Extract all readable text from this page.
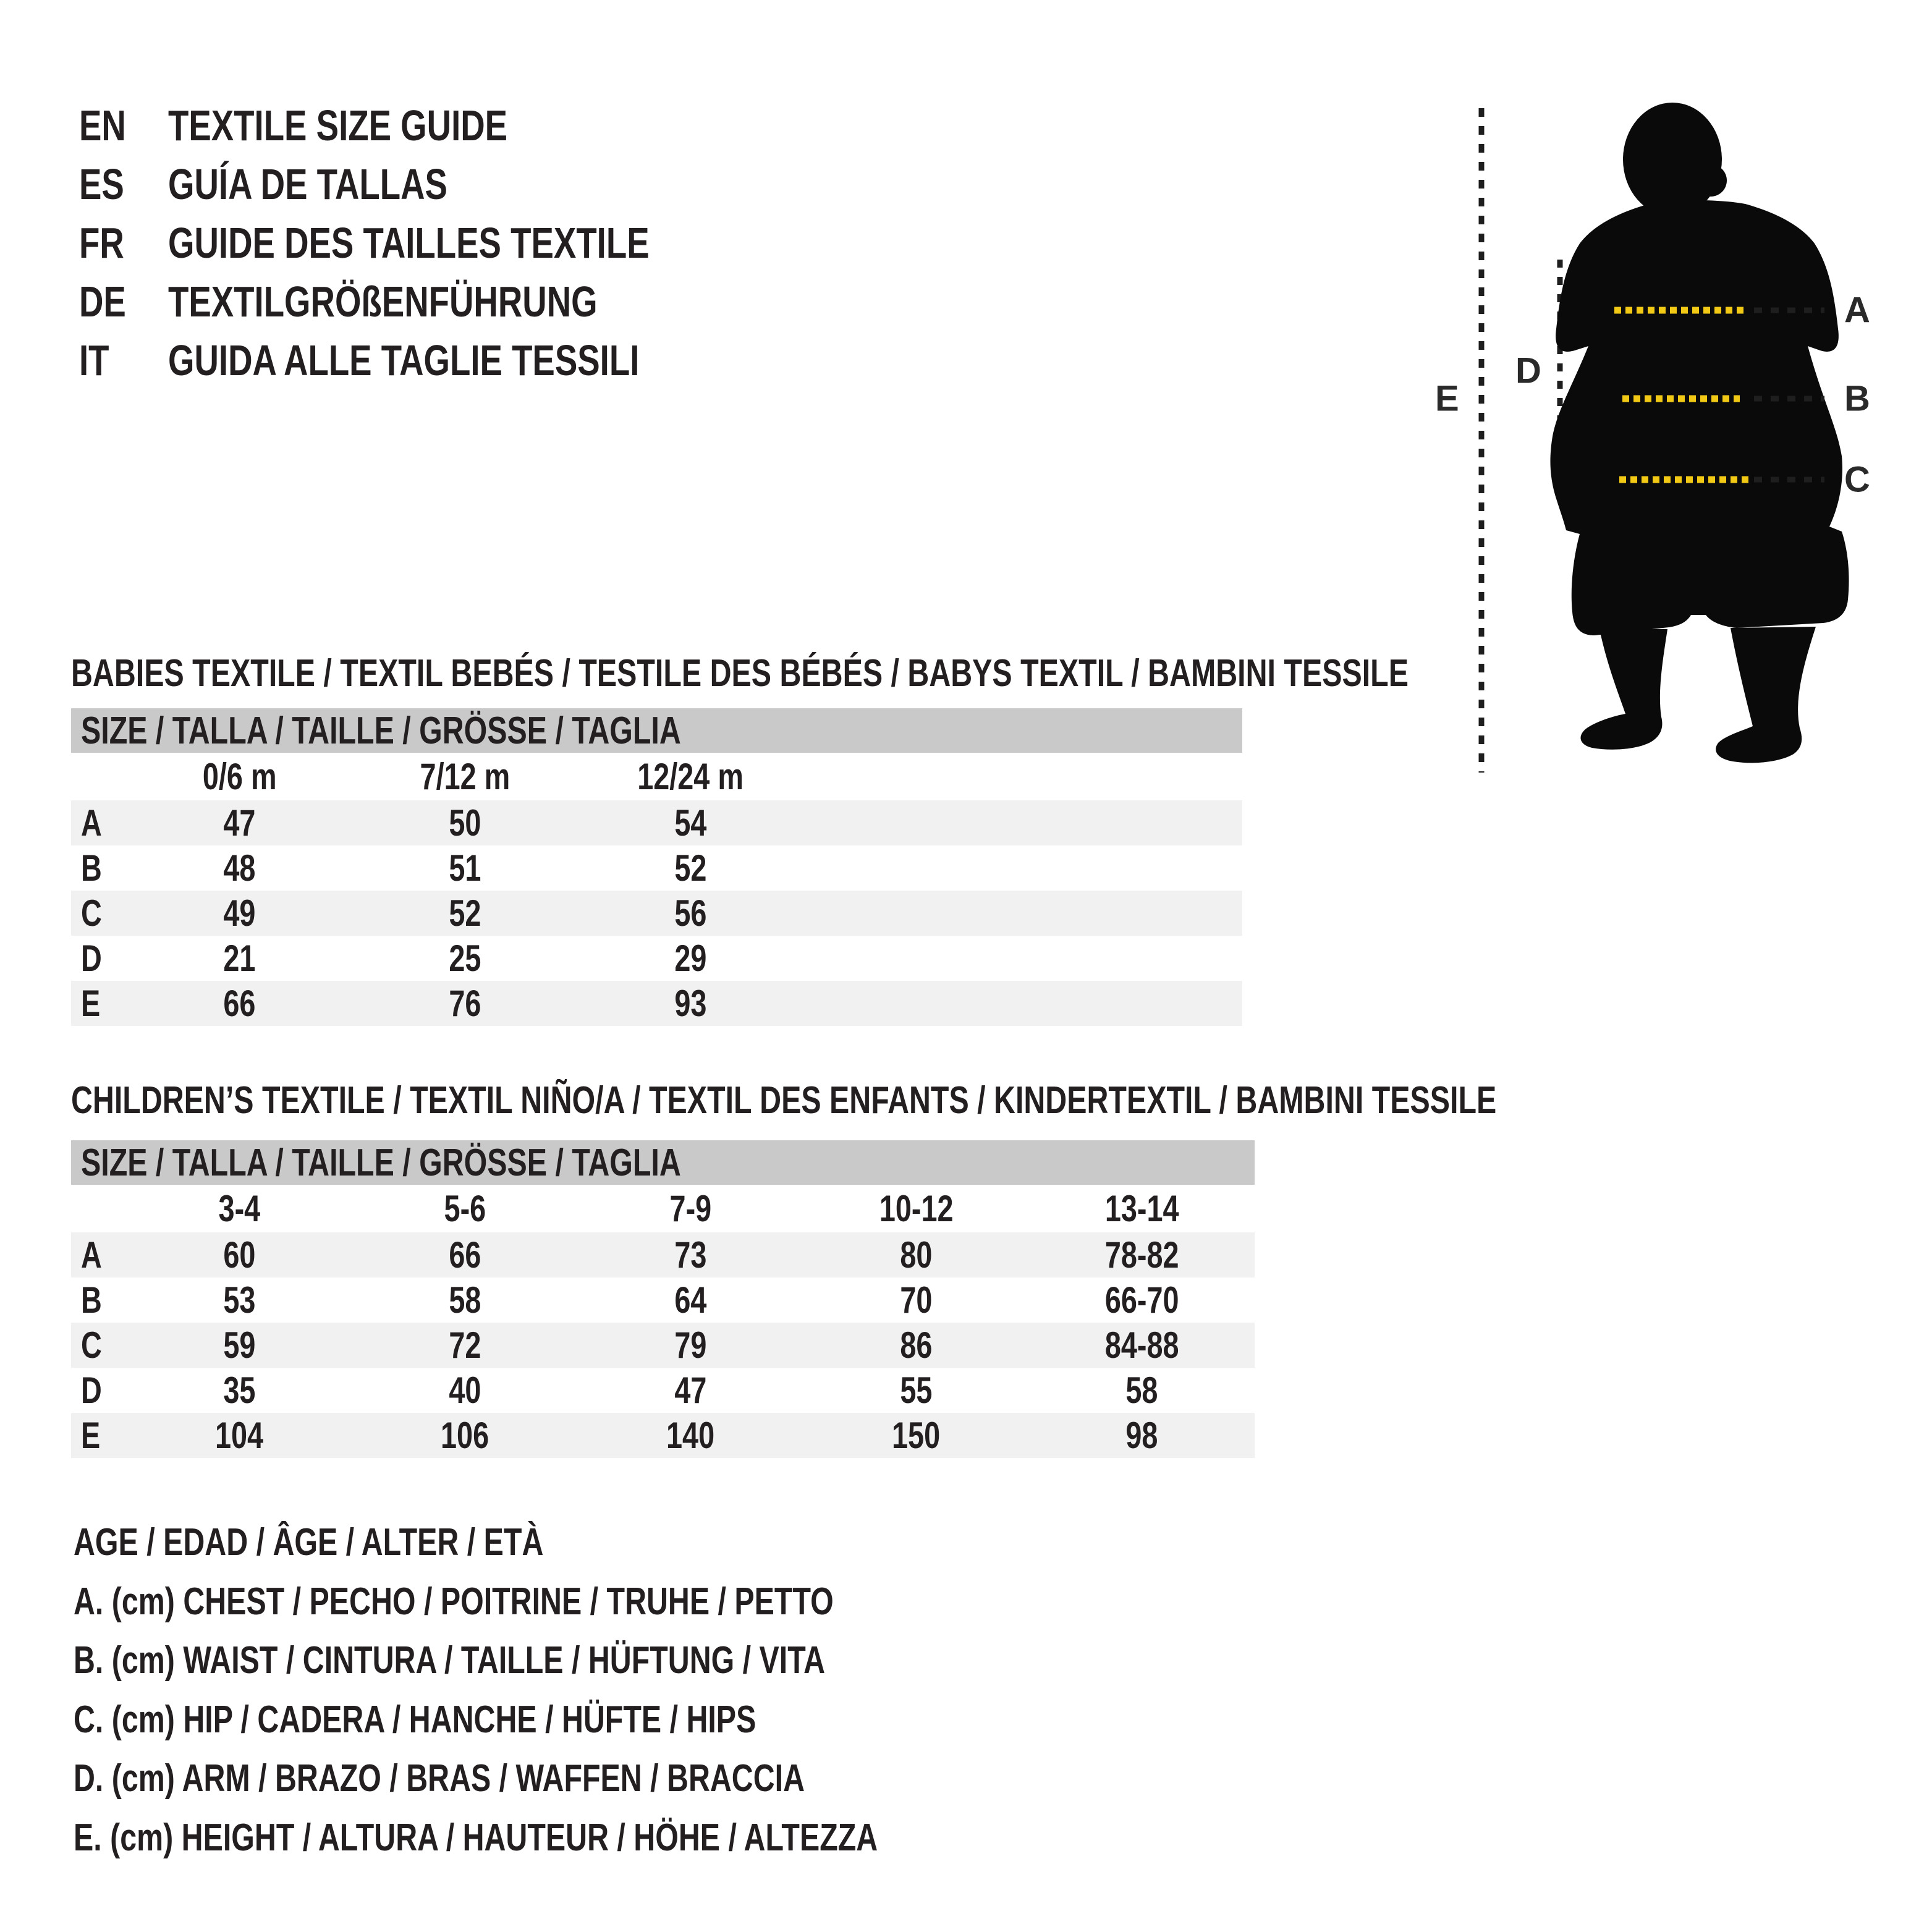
EN TEXTILE SIZE GUIDE
ES	GUÍA DE TALLAS
FR	GUIDE DES TAILLES TEXTILE
DE TEXTILGRÖßENFÜHRUNG
IT	GUIDA ALLE TAGLIE TESSILI
A
B
C
D
E
BABIES TEXTILE / TEXTIL BEBÉS / TESTILE DES BÉBÉS / BABYS TEXTIL / BAMBINI TESSILE
SIZE / TALLA / TAILLE / GRÖSSE / TAGLIA
	0/6 m	7/12 m	12/24 m	
A	47	50	54	
B	48	51	52	
C	49	52	56	
D	21	25	29	
E	66	76	93	
CHILDREN’S TEXTILE / TEXTIL NIÑO/A / TEXTIL DES ENFANTS / KINDERTEXTIL / BAMBINI TESSILE
SIZE / TALLA / TAILLE / GRÖSSE / TAGLIA
	3-4	5-6	7-9	10-12	13-14
A	60	66	73	80	78-82
B	53	58	64	70	66-70
C	59	72	79	86	84-88
D	35	40	47	55	58
E	104	106	140	150	98
AGE / EDAD / ÂGE / ALTER / ETÀ
A. (cm) CHEST / PECHO / POITRINE / TRUHE / PETTO
B. (cm) WAIST / CINTURA / TAILLE / HÜFTUNG / VITA
C. (cm) HIP / CADERA / HANCHE / HÜFTE / HIPS
D. (cm) ARM / BRAZO / BRAS / WAFFEN / BRACCIA
E. (cm) HEIGHT / ALTURA / HAUTEUR / HÖHE / ALTEZZA
